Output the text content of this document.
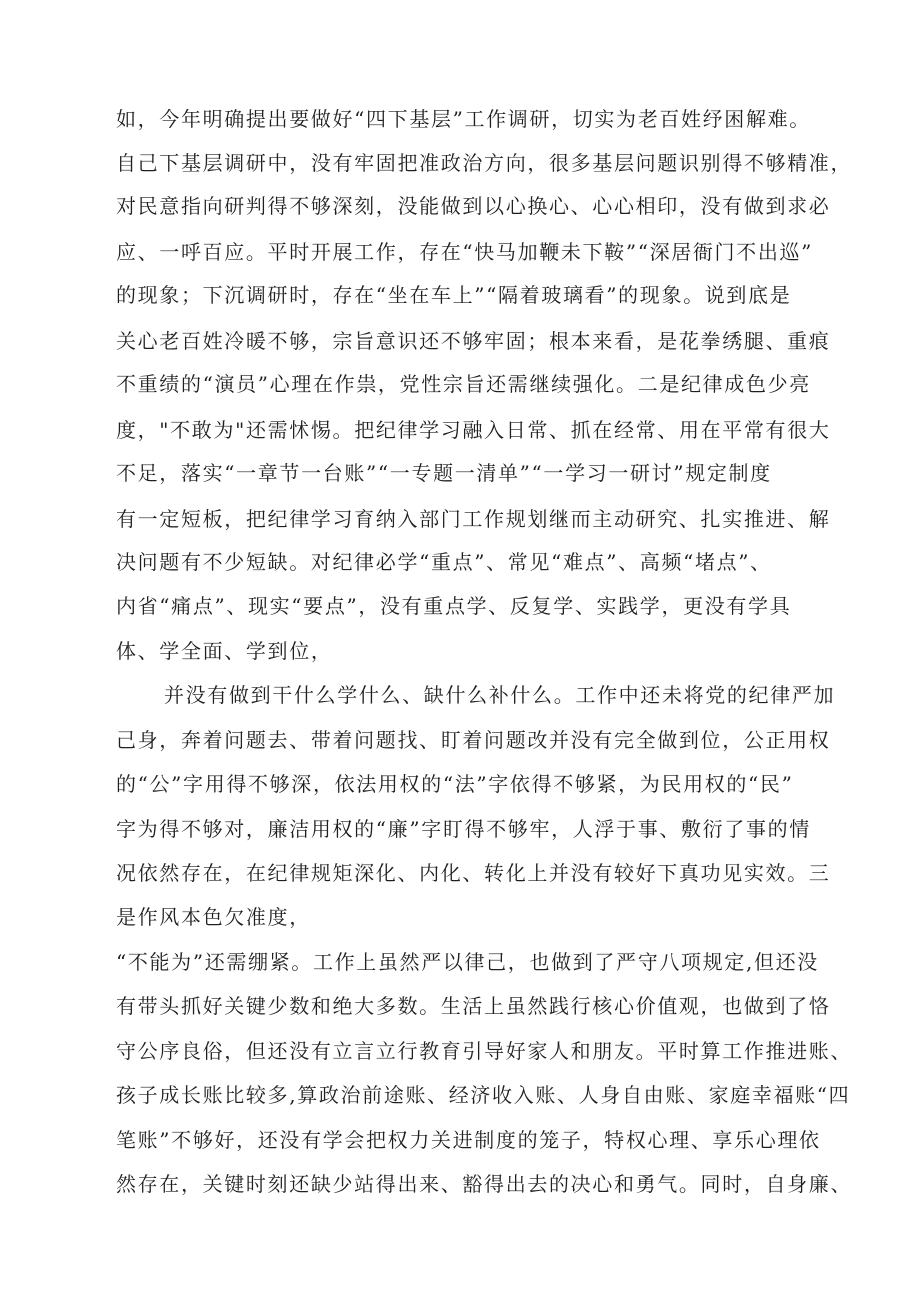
如，今年明确提出要做好“四下基层”工作调研，切实为老百姓纾困解难。
自己下基层调研中，没有牢固把准政治方向，很多基层问题识别得不够精准，
对民意指向研判得不够深刻，没能做到以心换心、心心相印，没有做到求必
应、一呼百应。平时开展工作，存在“快马加鞭未下鞍”“深居衙门不出巡”
的现象；下沉调研时，存在“坐在车上”“隔着玻璃看”的现象。说到底是
关心老百姓冷暖不够，宗旨意识还不够牢固；根本来看，是花拳绣腿、重痕
不重绩的“演员”心理在作祟，党性宗旨还需继续强化。二是纪律成色少亮
度，"不敢为"还需怵惕。把纪律学习融入日常、抓在经常、用在平常有很大
不足，落实“一章节一台账”“一专题一清单”“一学习一研讨”规定制度
有一定短板，把纪律学习育纳入部门工作规划继而主动研究、扎实推进、解
决问题有不少短缺。对纪律必学“重点”、常见“难点”、高频“堵点”、
内省“痛点”、现实“要点”，没有重点学、反复学、实践学，更没有学具
体、学全面、学到位，
并没有做到干什么学什么、缺什么补什么。工作中还未将党的纪律严加
己身，奔着问题去、带着问题找、盯着问题改并没有完全做到位，公正用权
的“公”字用得不够深，依法用权的“法”字依得不够紧，为民用权的“民”
字为得不够对，廉洁用权的“廉”字盯得不够牢，人浮于事、敷衍了事的情
况依然存在，在纪律规矩深化、内化、转化上并没有较好下真功见实效。三
是作风本色欠准度，
“不能为”还需绷紧。工作上虽然严以律己，也做到了严守八项规定,但还没
有带头抓好关键少数和绝大多数。生活上虽然践行核心价值观，也做到了恪
守公序良俗，但还没有立言立行教育引导好家人和朋友。平时算工作推进账、
孩子成长账比较多,算政治前途账、经济收入账、人身自由账、家庭幸福账“四
笔账”不够好，还没有学会把权力关进制度的笼子，特权心理、享乐心理依
然存在，关键时刻还缺少站得出来、豁得出去的决心和勇气。同时，自身廉、
